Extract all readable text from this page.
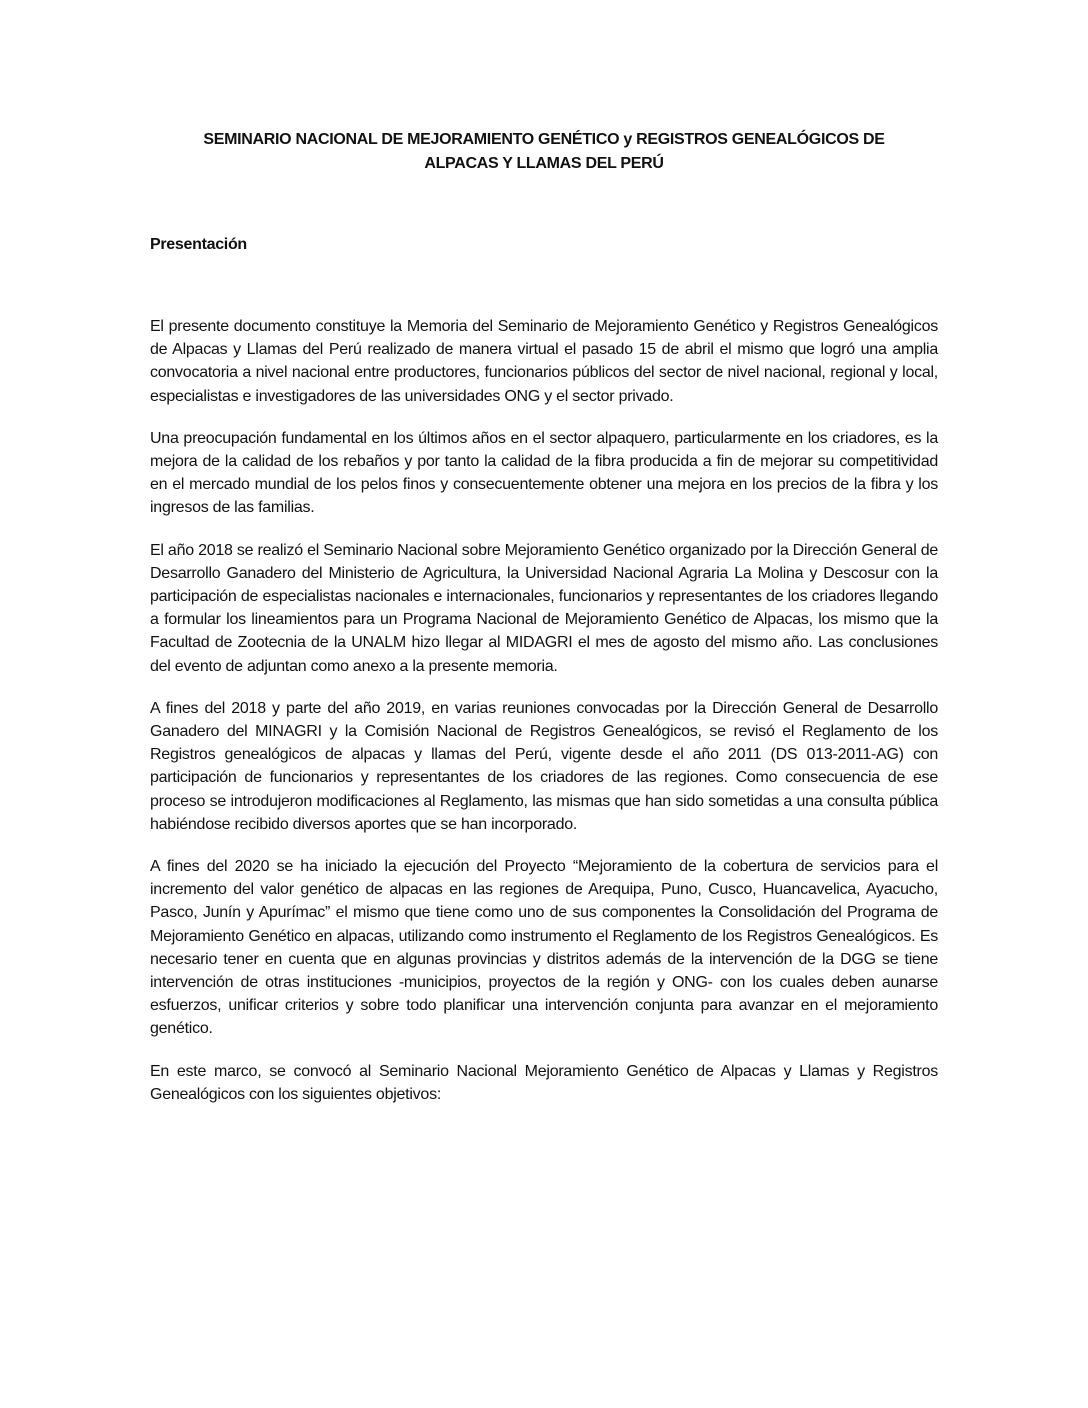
SEMINARIO NACIONAL DE MEJORAMIENTO GENÉTICO y REGISTROS GENEALÓGICOS DE
ALPACAS Y LLAMAS DEL PERÚ
Presentación

El presente documento constituye la Memoria del Seminario de Mejoramiento Genético y Registros Genealógicos de Alpacas y Llamas del Perú realizado de manera virtual el pasado 15 de abril el mismo que logró una amplia convocatoria a nivel nacional entre productores, funcionarios públicos del sector de nivel nacional, regional y local, especialistas e investigadores de las universidades ONG y el sector privado.

Una preocupación fundamental en los últimos años en el sector alpaquero, particularmente en los criadores, es la mejora de la calidad de los rebaños y por tanto la calidad de la fibra producida a fin de mejorar su competitividad en el mercado mundial de los pelos finos y consecuentemente obtener una mejora en los precios de la fibra y los ingresos de las familias.

El año 2018 se realizó el Seminario Nacional sobre Mejoramiento Genético organizado por la Dirección General de Desarrollo Ganadero del Ministerio de Agricultura, la Universidad Nacional Agraria La Molina y Descosur con la participación de especialistas nacionales e internacionales, funcionarios y representantes de los criadores llegando a formular los lineamientos para un Programa Nacional de Mejoramiento Genético de Alpacas, los mismo que la Facultad de Zootecnia de la UNALM hizo llegar al MIDAGRI el mes de agosto del mismo año. Las conclusiones del evento de adjuntan como anexo a la presente memoria.

A fines del 2018 y parte del año 2019, en varias reuniones convocadas por la Dirección General de Desarrollo Ganadero del MINAGRI y la Comisión Nacional de Registros Genealógicos, se revisó el Reglamento de los Registros genealógicos de alpacas y llamas del Perú, vigente desde el año 2011 (DS 013-2011-AG) con participación de funcionarios y representantes de los criadores de las regiones. Como consecuencia de ese proceso se introdujeron modificaciones al Reglamento, las mismas que han sido sometidas a una consulta pública habiéndose recibido diversos aportes que se han incorporado.

A fines del 2020 se ha iniciado la ejecución del Proyecto “Mejoramiento de la cobertura de servicios para el incremento del valor genético de alpacas en las regiones de Arequipa, Puno, Cusco, Huancavelica, Ayacucho, Pasco, Junín y Apurímac” el mismo que tiene como uno de sus componentes la Consolidación del Programa de Mejoramiento Genético en alpacas, utilizando como instrumento el Reglamento de los Registros Genealógicos. Es necesario tener en cuenta que en algunas provincias y distritos además de la intervención de la DGG se tiene intervención de otras instituciones -municipios, proyectos de la región y ONG- con los cuales deben aunarse esfuerzos, unificar criterios y sobre todo planificar una intervención conjunta para avanzar en el mejoramiento genético.

En este marco, se convocó al Seminario Nacional Mejoramiento Genético de Alpacas y Llamas y Registros Genealógicos con los siguientes objetivos:
